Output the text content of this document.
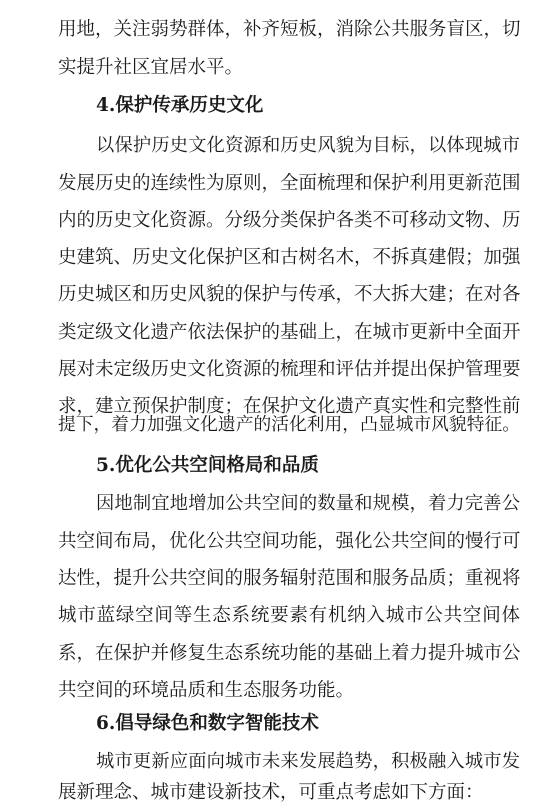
用地，关注弱势群体，补齐短板，消除公共服务盲区，切
实提升社区宜居水平。
4.保护传承历史文化
以保护历史文化资源和历史风貌为目标，以体现城市
发展历史的连续性为原则，全面梳理和保护利用更新范围
内的历史文化资源。分级分类保护各类不可移动文物、历
史建筑、历史文化保护区和古树名木，不拆真建假；加强
历史城区和历史风貌的保护与传承，不大拆大建；在对各
类定级文化遗产依法保护的基础上，在城市更新中全面开
展对未定级历史文化资源的梳理和评估并提出保护管理要
求，建立预保护制度；在保护文化遗产真实性和完整性前
提下，着力加强文化遗产的活化利用，凸显城市风貌特征。
5.优化公共空间格局和品质
因地制宜地增加公共空间的数量和规模，着力完善公
共空间布局，优化公共空间功能，强化公共空间的慢行可
达性，提升公共空间的服务辐射范围和服务品质；重视将
城市蓝绿空间等生态系统要素有机纳入城市公共空间体
系，在保护并修复生态系统功能的基础上着力提升城市公
共空间的环境品质和生态服务功能。
6.倡导绿色和数字智能技术
城市更新应面向城市未来发展趋势，积极融入城市发
展新理念、城市建设新技术，可重点考虑如下方面：
